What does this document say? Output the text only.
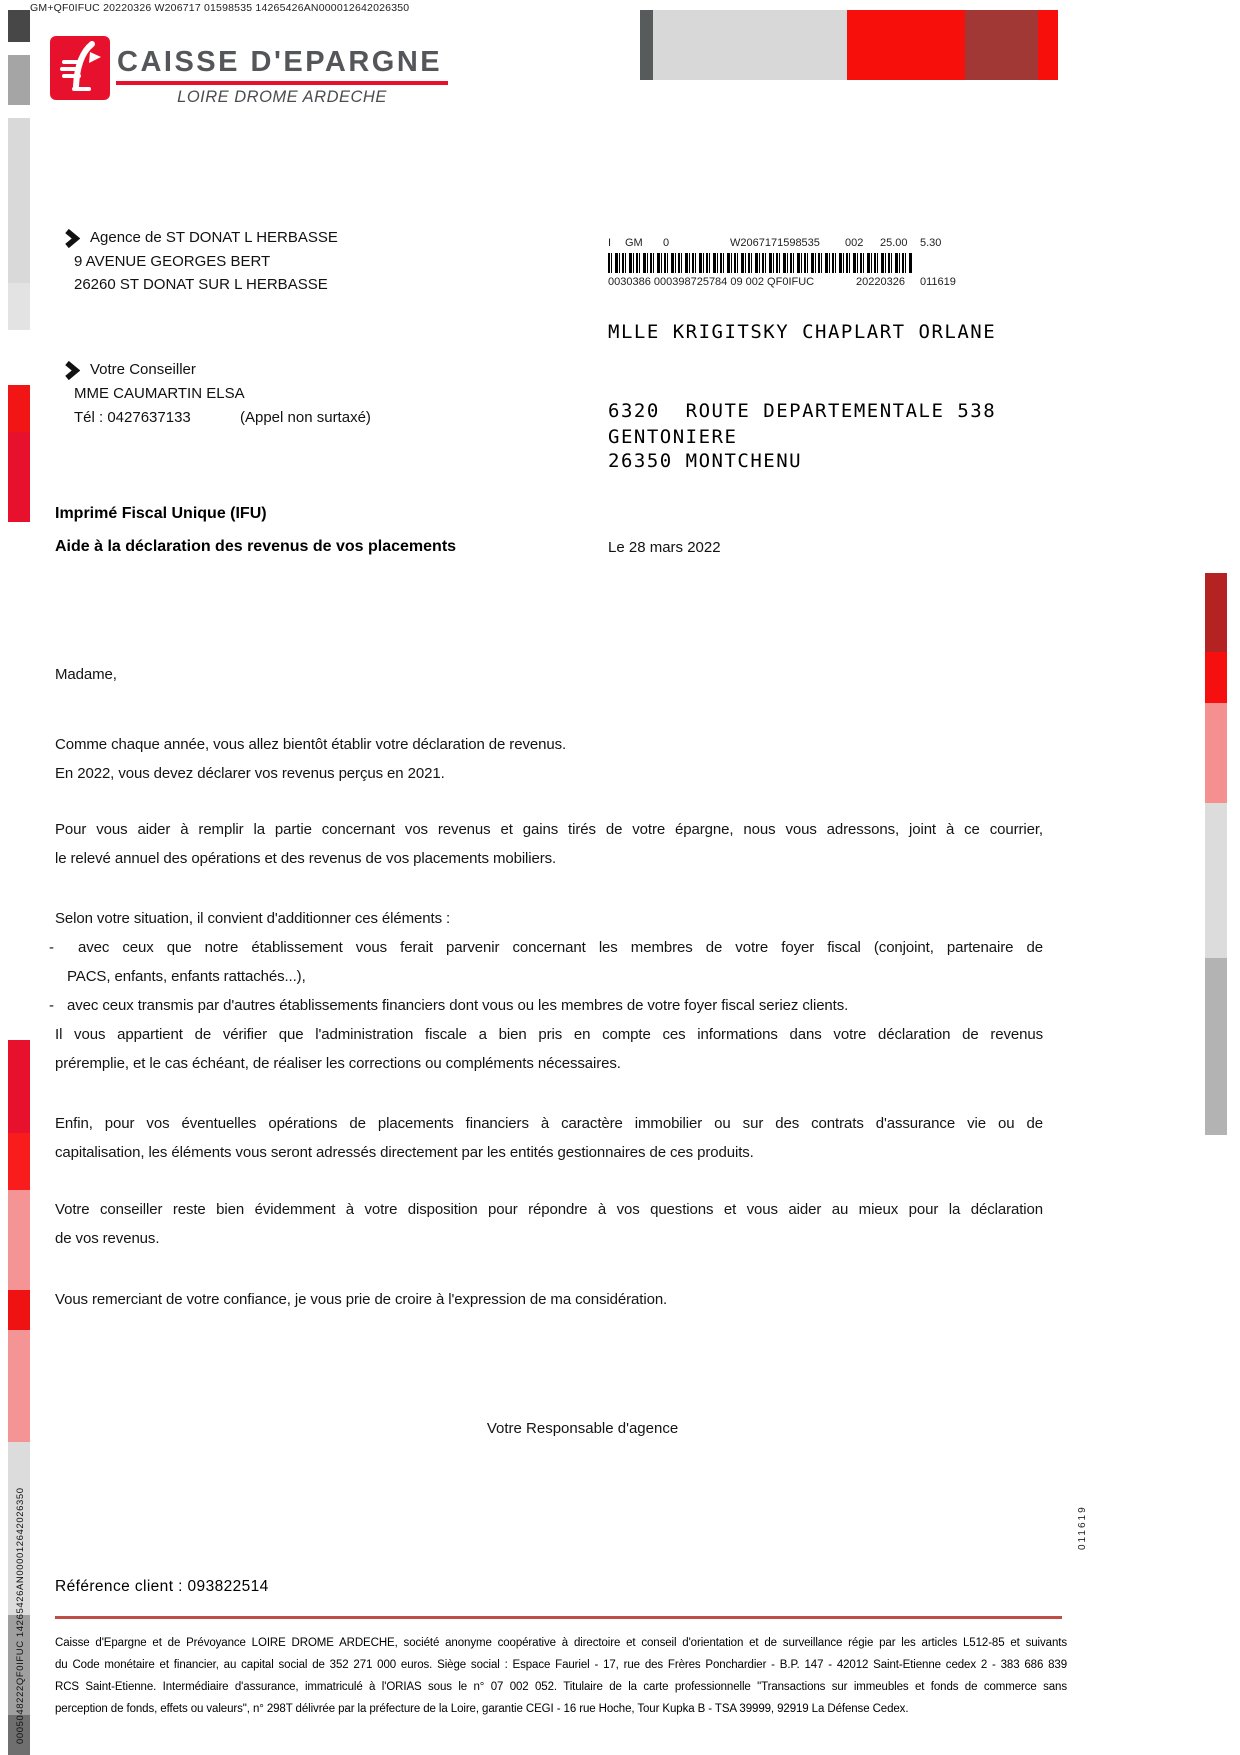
GM+QF0IFUC 20220326 W206717 01598535 14265426AN000012642026350
CAISSE D'EPARGNE
LOIRE DROME ARDECHE
Agence de ST DONAT L HERBASSE
9 AVENUE GEORGES BERT
26260 ST DONAT SUR L HERBASSE
Votre Conseiller
MME CAUMARTIN ELSA
Tél : 0427637133	(Appel non surtaxé)
I GM 0	W2067171598535 002 25.00 5.30
0030386 000398725784 09 002 QF0IFUC	20220326 011619

MLLE KRIGITSKY CHAPLART ORLANE

6320  ROUTE DEPARTEMENTALE 538

GENTONIERE

26350 MONTCHENU

Imprimé Fiscal Unique (IFU)
Aide à la déclaration des revenus de vos placements	Le 28 mars 2022

Madame,

Comme chaque année, vous allez bientôt établir votre déclaration de revenus.
En 2022, vous devez déclarer vos revenus perçus en 2021.
Pour vous aider à remplir la partie concernant vos revenus et gains tirés de votre épargne, nous vous adressons, joint à ce courrier,
le relevé annuel des opérations et des revenus de vos placements mobiliers.
Selon votre situation, il convient d'additionner ces éléments :
-	avec ceux que notre établissement vous ferait parvenir concernant les membres de votre foyer fiscal (conjoint, partenaire de
PACS, enfants, enfants rattachés...),
- avec ceux transmis par d'autres établissements financiers dont vous ou les membres de votre foyer fiscal seriez clients.
Il vous appartient de vérifier que l'administration fiscale a bien pris en compte ces informations dans votre déclaration de revenus
préremplie, et le cas échéant, de réaliser les corrections ou compléments nécessaires.
Enfin, pour vos éventuelles opérations de placements financiers à caractère immobilier ou sur des contrats d'assurance vie ou de
capitalisation, les éléments vous seront adressés directement par les entités gestionnaires de ces produits.
Votre conseiller reste bien évidemment à votre disposition pour répondre à vos questions et vous aider au mieux pour la déclaration
de vos revenus.

Vous remerciant de votre confiance, je vous prie de croire à l'expression de ma considération.

Votre Responsable d'agence
Référence client : 093822514
Caisse d'Epargne et de Prévoyance LOIRE DROME ARDECHE, société anonyme coopérative à directoire et conseil d'orientation et de surveillance régie par les articles L512-85 et suivants
du Code monétaire et financier, au capital social de 352 271 000 euros. Siège social : Espace Fauriel - 17, rue des Frères Ponchardier - B.P. 147 - 42012 Saint-Etienne cedex 2 - 383 686 839
RCS Saint-Etienne. Intermédiaire d'assurance, immatriculé à l'ORIAS sous le n° 07 002 052. Titulaire de la carte professionnelle "Transactions sur immeubles et fonds de commerce sans
perception de fonds, effets ou valeurs", n° 298T délivrée par la préfecture de la Loire, garantie CEGI - 16 rue Hoche, Tour Kupka B - TSA 39999, 92919 La Défense Cedex.
0005048222QF0IFUC 14265426AN000012642026350	011619
